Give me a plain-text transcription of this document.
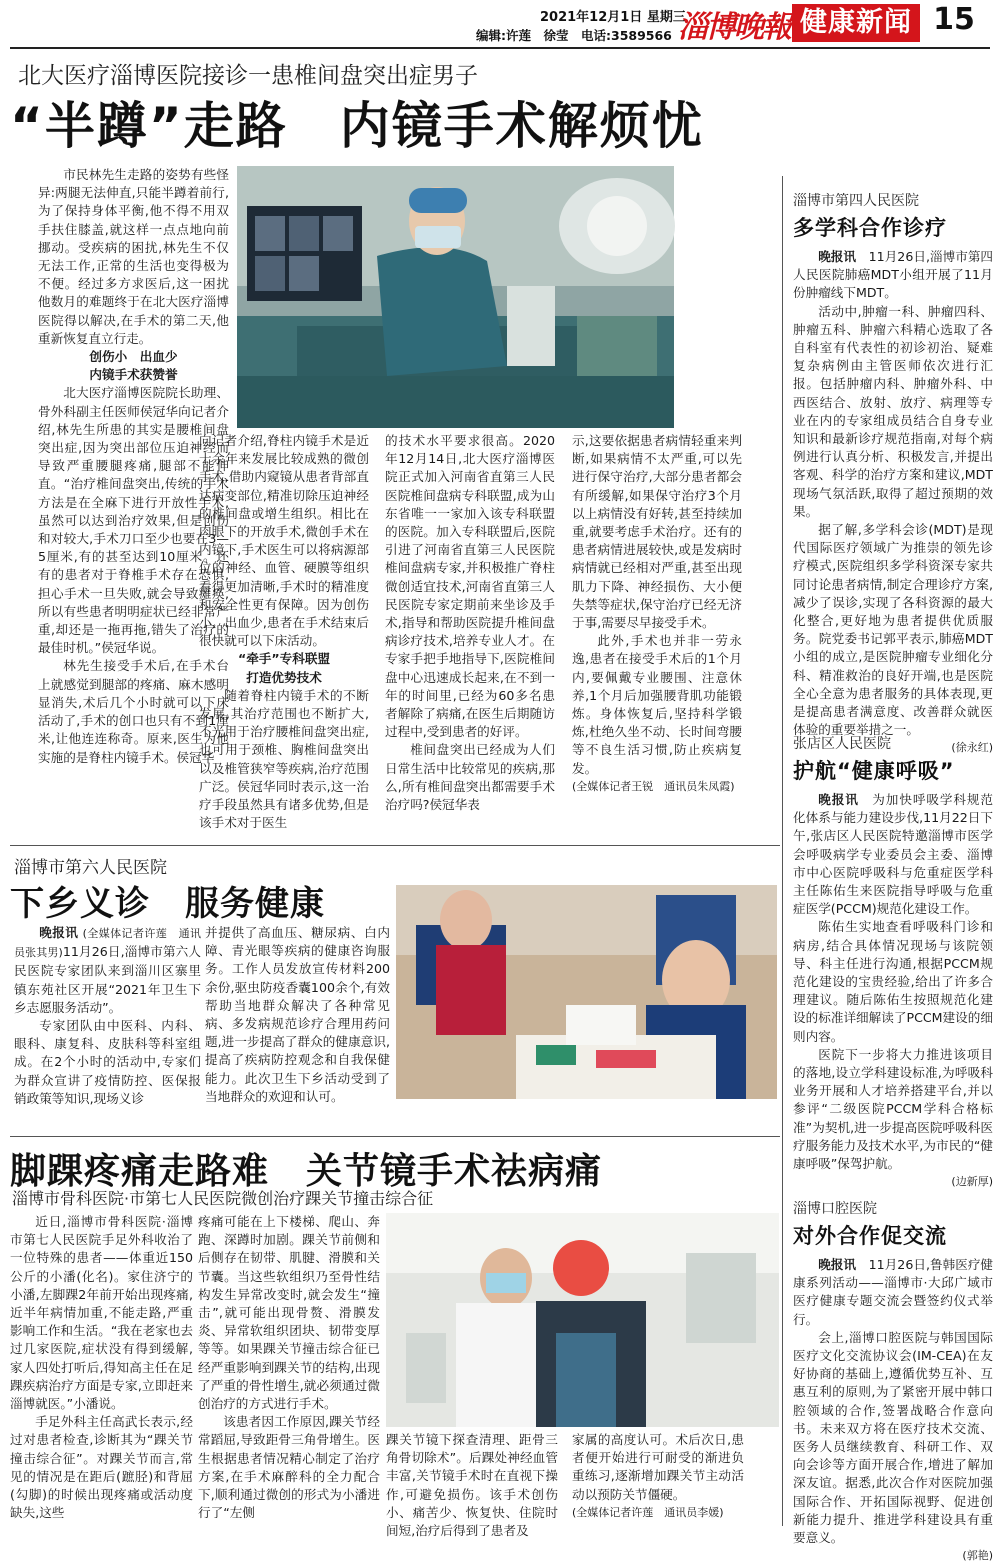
2021年12月1日 星期三
编辑:许莲　徐莹　电话:3589566 淄博晚報 健康新闻 15
北大医疗淄博医院接诊一患椎间盘突出症男子
“半蹲”走路　内镜手术解烦忧

市民林先生走路的姿势有些怪异:两腿无法伸直,只能半蹲着前行,为了保持身体平衡,他不得不用双手扶住膝盖,就这样一点点地向前挪动。受疾病的困扰,林先生不仅无法工作,正常的生活也变得极为不便。经过多方求医后,这一困扰他数月的难题终于在北大医疗淄博医院得以解决,在手术的第二天,他重新恢复直立行走。

创伤小　出血少

内镜手术获赞誉

北大医疗淄博医院院长助理、骨外科副主任医师侯冠华向记者介绍,林先生所患的其实是腰椎间盘突出症,因为突出部位压迫神经而导致严重腰腿疼痛,腿部不能伸直。“治疗椎间盘突出,传统的手术方法是在全麻下进行开放性手术,虽然可以达到治疗效果,但是创伤和对较大,手术刀口至少也要在3—5厘米,有的甚至达到10厘米。还有的患者对于脊椎手术存在恐惧,担心手术一旦失败,就会导致瘫痪,所以有些患者明明症状已经非常严重,却还是一拖再拖,错失了治疗的最佳时机。”侯冠华说。

林先生接受手术后,在手术台上就感觉到腿部的疼痛、麻木感明显消失,术后几个小时就可以下床活动了,手术的创口也只有不到1厘米,让他连连称奇。原来,医生为他实施的是脊柱内镜手术。侯冠华

向记者介绍,脊柱内镜手术是近十余年来发展比较成熟的微创手术,借助内窥镜从患者背部直达病变部位,精准切除压迫神经的椎间盘或增生组织。相比在肉眼下的开放手术,微创手术在内镜下,手术医生可以将病源部位的神经、血管、硬膜等组织看得更加清晰,手术时的精准度和安全性更有保障。因为创伤小、出血少,患者在手术结束后很快就可以下床活动。

“牵手”专科联盟

打造优势技术

随着脊柱内镜手术的不断发展,其治疗范围也不断扩大,不光用于治疗腰椎间盘突出症,也可用于颈椎、胸椎间盘突出以及椎管狭窄等疾病,治疗范围广泛。侯冠华同时表示,这一治疗手段虽然具有诸多优势,但是该手术对于医生

的技术水平要求很高。2020年12月14日,北大医疗淄博医院正式加入河南省直第三人民医院椎间盘病专科联盟,成为山东省唯一一家加入该专科联盟的医院。加入专科联盟后,医院引进了河南省直第三人民医院椎间盘病专家,并积极推广脊柱微创适宜技术,河南省直第三人民医院专家定期前来坐诊及手术,指导和帮助医院提升椎间盘病诊疗技术,培养专业人才。在专家手把手地指导下,医院椎间盘中心迅速成长起来,在不到一年的时间里,已经为60多名患者解除了病痛,在医生后期随访过程中,受到患者的好评。

椎间盘突出已经成为人们日常生活中比较常见的疾病,那么,所有椎间盘突出都需要手术治疗吗?侯冠华表

示,这要依据患者病情轻重来判断,如果病情不太严重,可以先进行保守治疗,大部分患者都会有所缓解,如果保守治疗3个月以上病情没有好转,甚至持续加重,就要考虑手术治疗。还有的患者病情进展较快,或是发病时病情就已经相对严重,甚至出现肌力下降、神经损伤、大小便失禁等症状,保守治疗已经无济于事,需要尽早接受手术。

此外,手术也并非一劳永逸,患者在接受手术后的1个月内,要佩戴专业腰围、注意休养,1个月后加强腰背肌功能锻炼。身体恢复后,坚持科学锻炼,杜绝久坐不动、长时间弯腰等不良生活习惯,防止疾病复发。

(全媒体记者王锐　通讯员朱凤霞)

淄博市第六人民医院
下乡义诊　服务健康

晚报讯 (全媒体记者许莲　通讯员张其男)11月26日,淄博市第六人民医院专家团队来到淄川区寨里镇东苑社区开展“2021年卫生下乡志愿服务活动”。

专家团队由中医科、内科、眼科、康复科、皮肤科等科室组成。在2个小时的活动中,专家们为群众宣讲了疫情防控、医保报销政策等知识,现场义诊

并提供了高血压、糖尿病、白内障、青光眼等疾病的健康咨询服务。工作人员发放宣传材料200余份,驱虫防疫香囊100余个,有效帮助当地群众解决了各种常见病、多发病规范诊疗合理用药问题,进一步提高了群众的健康意识,提高了疾病防控观念和自我保健能力。此次卫生下乡活动受到了当地群众的欢迎和认可。

脚踝疼痛走路难　关节镜手术祛病痛
淄博市骨科医院·市第七人民医院微创治疗踝关节撞击综合征

近日,淄博市骨科医院·淄博市第七人民医院手足外科收治了一位特殊的患者——体重近150公斤的小潘(化名)。家住济宁的小潘,左脚踝2年前开始出现疼痛,近半年病情加重,不能走路,严重影响工作和生活。“我在老家也去过几家医院,症状没有得到缓解,家人四处打听后,得知高主任在足踝疾病治疗方面是专家,立即赶来淄博就医。”小潘说。

手足外科主任高武长表示,经过对患者检查,诊断其为“踝关节撞击综合征”。对踝关节而言,常见的情况是在距后(蹠胫)和背屈(勾脚)的时候出现疼痛或活动度缺失,这些

疼痛可能在上下楼梯、爬山、奔跑、深蹲时加剧。踝关节前侧和后侧存在韧带、肌腱、滑膜和关节囊。当这些软组织乃至骨性结构发生异常改变时,就会发生“撞击”,就可能出现骨赘、滑膜发炎、异常软组织团块、韧带变厚等等。如果踝关节撞击综合征已经严重影响到踝关节的结构,出现了严重的骨性增生,就必须通过微创治疗的方式进行手术。

该患者因工作原因,踝关节经常蹈屈,导致距骨三角骨增生。医生根据患者情况精心制定了治疗方案,在手术麻醉科的全力配合下,顺利通过微创的形式为小潘进行了“左侧

踝关节镜下探查清理、距骨三角骨切除术”。后踝处神经血管丰富,关节镜手术时在直视下操作,可避免损伤。该手术创伤小、痛苦少、恢复快、住院时间短,治疗后得到了患者及

家属的高度认可。术后次日,患者便开始进行可耐受的渐进负重练习,逐渐增加踝关节主动活动以预防关节僵硬。

(全媒体记者许莲　通讯员李媛)

淄博市第四人民医院
多学科合作诊疗

晚报讯　 11月26日,淄博市第四人民医院肺癌MDT小组开展了11月份肿瘤线下MDT。

活动中,肿瘤一科、肿瘤四科、肿瘤五科、肿瘤六科精心选取了各自科室有代表性的初诊初治、疑难复杂病例由主管医师依次进行汇报。包括肿瘤内科、肿瘤外科、中西医结合、放射、放疗、病理等专业在内的专家组成员结合自身专业知识和最新诊疗规范指南,对每个病例进行认真分析、积极发言,并提出客观、科学的治疗方案和建议,MDT现场气氛活跃,取得了超过预期的效果。

据了解,多学科会诊(MDT)是现代国际医疗领域广为推崇的领先诊疗模式,医院组织多学科资深专家共同讨论患者病情,制定合理诊疗方案,减少了误诊,实现了各科资源的最大化整合,更好地为患者提供优质服务。院党委书记郭平表示,肺癌MDT小组的成立,是医院肿瘤专业细化分科、精准救治的良好开端,也是医院全心全意为患者服务的具体表现,更是提高患者满意度、改善群众就医体验的重要举措之一。

(徐永红)

张店区人民医院
护航“健康呼吸”

晚报讯　 为加快呼吸学科规范化体系与能力建设步伐,11月22日下午,张店区人民医院特邀淄博市医学会呼吸病学专业委员会主委、淄博市中心医院呼吸科与危重症医学科主任陈佑生来医院指导呼吸与危重症医学(PCCM)规范化建设工作。

陈佑生实地查看呼吸科门诊和病房,结合具体情况现场与该院领导、科主任进行沟通,根据PCCM规范化建设的宝贵经验,给出了许多合理建议。随后陈佑生按照规范化建设的标准详细解读了PCCM建设的细则内容。

医院下一步将大力推进该项目的落地,设立学科建设标准,为呼吸科业务开展和人才培养搭建平台,并以参评“二级医院PCCM学科合格标准”为契机,进一步提高医院呼吸科医疗服务能力及技术水平,为市民的“健康呼吸”保驾护航。

(边新厚)

淄博口腔医院
对外合作促交流

晚报讯　 11月26日,鲁韩医疗健康系列活动——淄博市·大邱广域市医疗健康专题交流会暨签约仪式举行。

会上,淄博口腔医院与韩国国际医疗文化交流协议会(IM-CEA)在友好协商的基础上,遵循优势互补、互惠互利的原则,为了紧密开展中韩口腔领域的合作,签署战略合作意向书。未来双方将在医疗技术交流、医务人员继续教育、科研工作、双向会诊等方面开展合作,增进了解加深友谊。据悉,此次合作对医院加强国际合作、开拓国际视野、促进创新能力提升、推进学科建设具有重要意义。

(郭艳)
